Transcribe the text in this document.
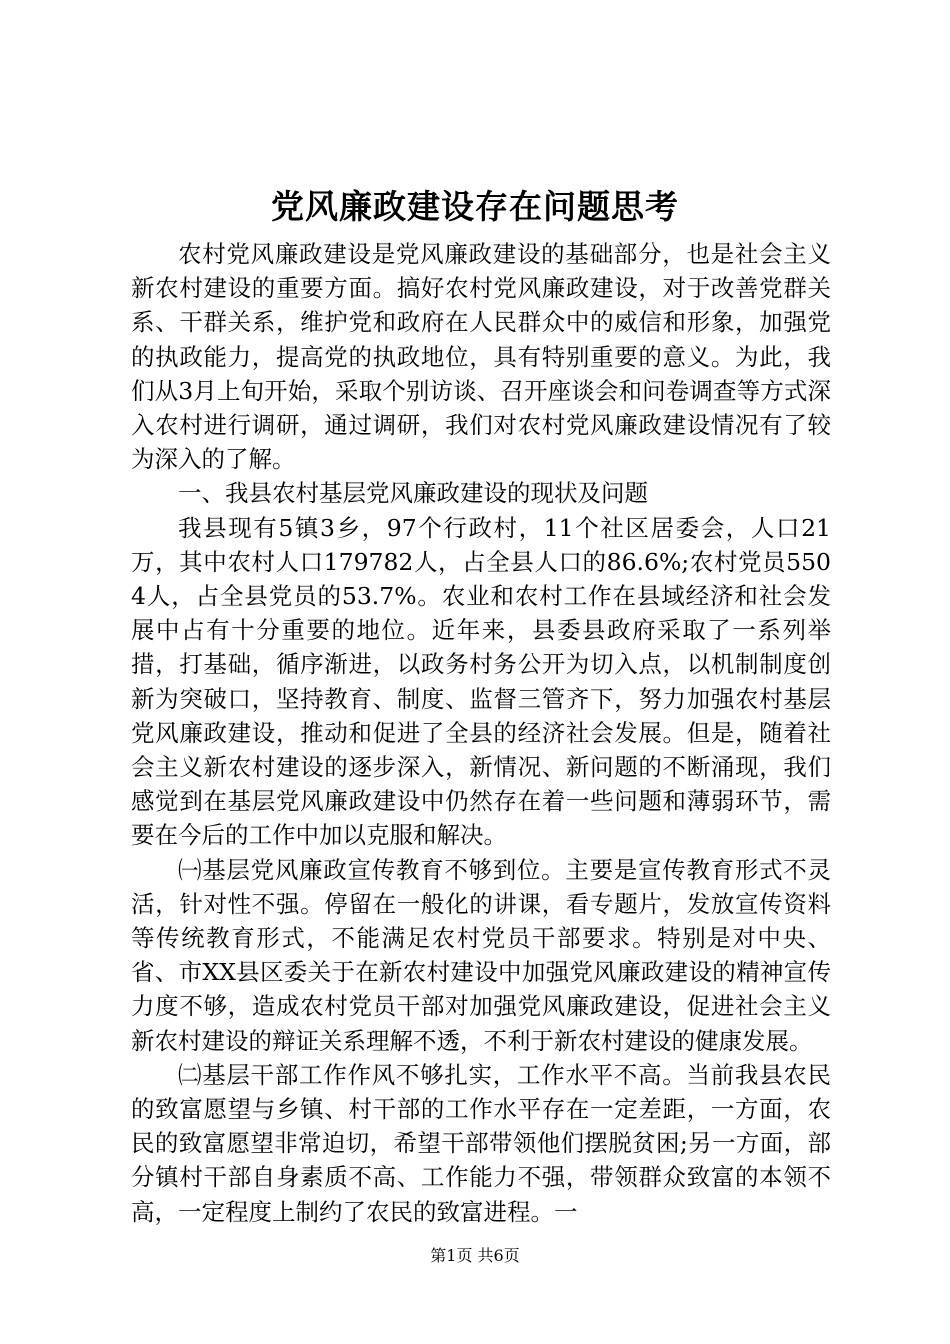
党风廉政建设存在问题思考

农村党风廉政建设是党风廉政建设的基础部分，也是社会主义新农村建设的重要方面。搞好农村党风廉政建设，对于改善党群关系、干群关系，维护党和政府在人民群众中的威信和形象，加强党的执政能力，提高党的执政地位，具有特别重要的意义。为此，我们从3月上旬开始，采取个别访谈、召开座谈会和问卷调查等方式深入农村进行调研，通过调研，我们对农村党风廉政建设情况有了较为深入的了解。

一、我县农村基层党风廉政建设的现状及问题

我县现有5镇3乡，97个行政村，11个社区居委会，人口21万，其中农村人口179782人，占全县人口的86.6%;农村党员5504人，占全县党员的53.7%。农业和农村工作在县域经济和社会发展中占有十分重要的地位。近年来，县委县政府采取了一系列举措，打基础，循序渐进，以政务村务公开为切入点，以机制制度创新为突破口，坚持教育、制度、监督三管齐下，努力加强农村基层党风廉政建设，推动和促进了全县的经济社会发展。但是，随着社会主义新农村建设的逐步深入，新情况、新问题的不断涌现，我们感觉到在基层党风廉政建设中仍然存在着一些问题和薄弱环节，需要在今后的工作中加以克服和解决。

㈠基层党风廉政宣传教育不够到位。主要是宣传教育形式不灵活，针对性不强。停留在一般化的讲课，看专题片，发放宣传资料等传统教育形式，不能满足农村党员干部要求。特别是对中央、省、市XX县区委关于在新农村建设中加强党风廉政建设的精神宣传力度不够，造成农村党员干部对加强党风廉政建设，促进社会主义新农村建设的辩证关系理解不透，不利于新农村建设的健康发展。

㈡基层干部工作作风不够扎实，工作水平不高。当前我县农民的致富愿望与乡镇、村干部的工作水平存在一定差距，一方面，农民的致富愿望非常迫切，希望干部带领他们摆脱贫困;另一方面，部分镇村干部自身素质不高、工作能力不强，带领群众致富的本领不高，一定程度上制约了农民的致富进程。一

第1页 共6页
